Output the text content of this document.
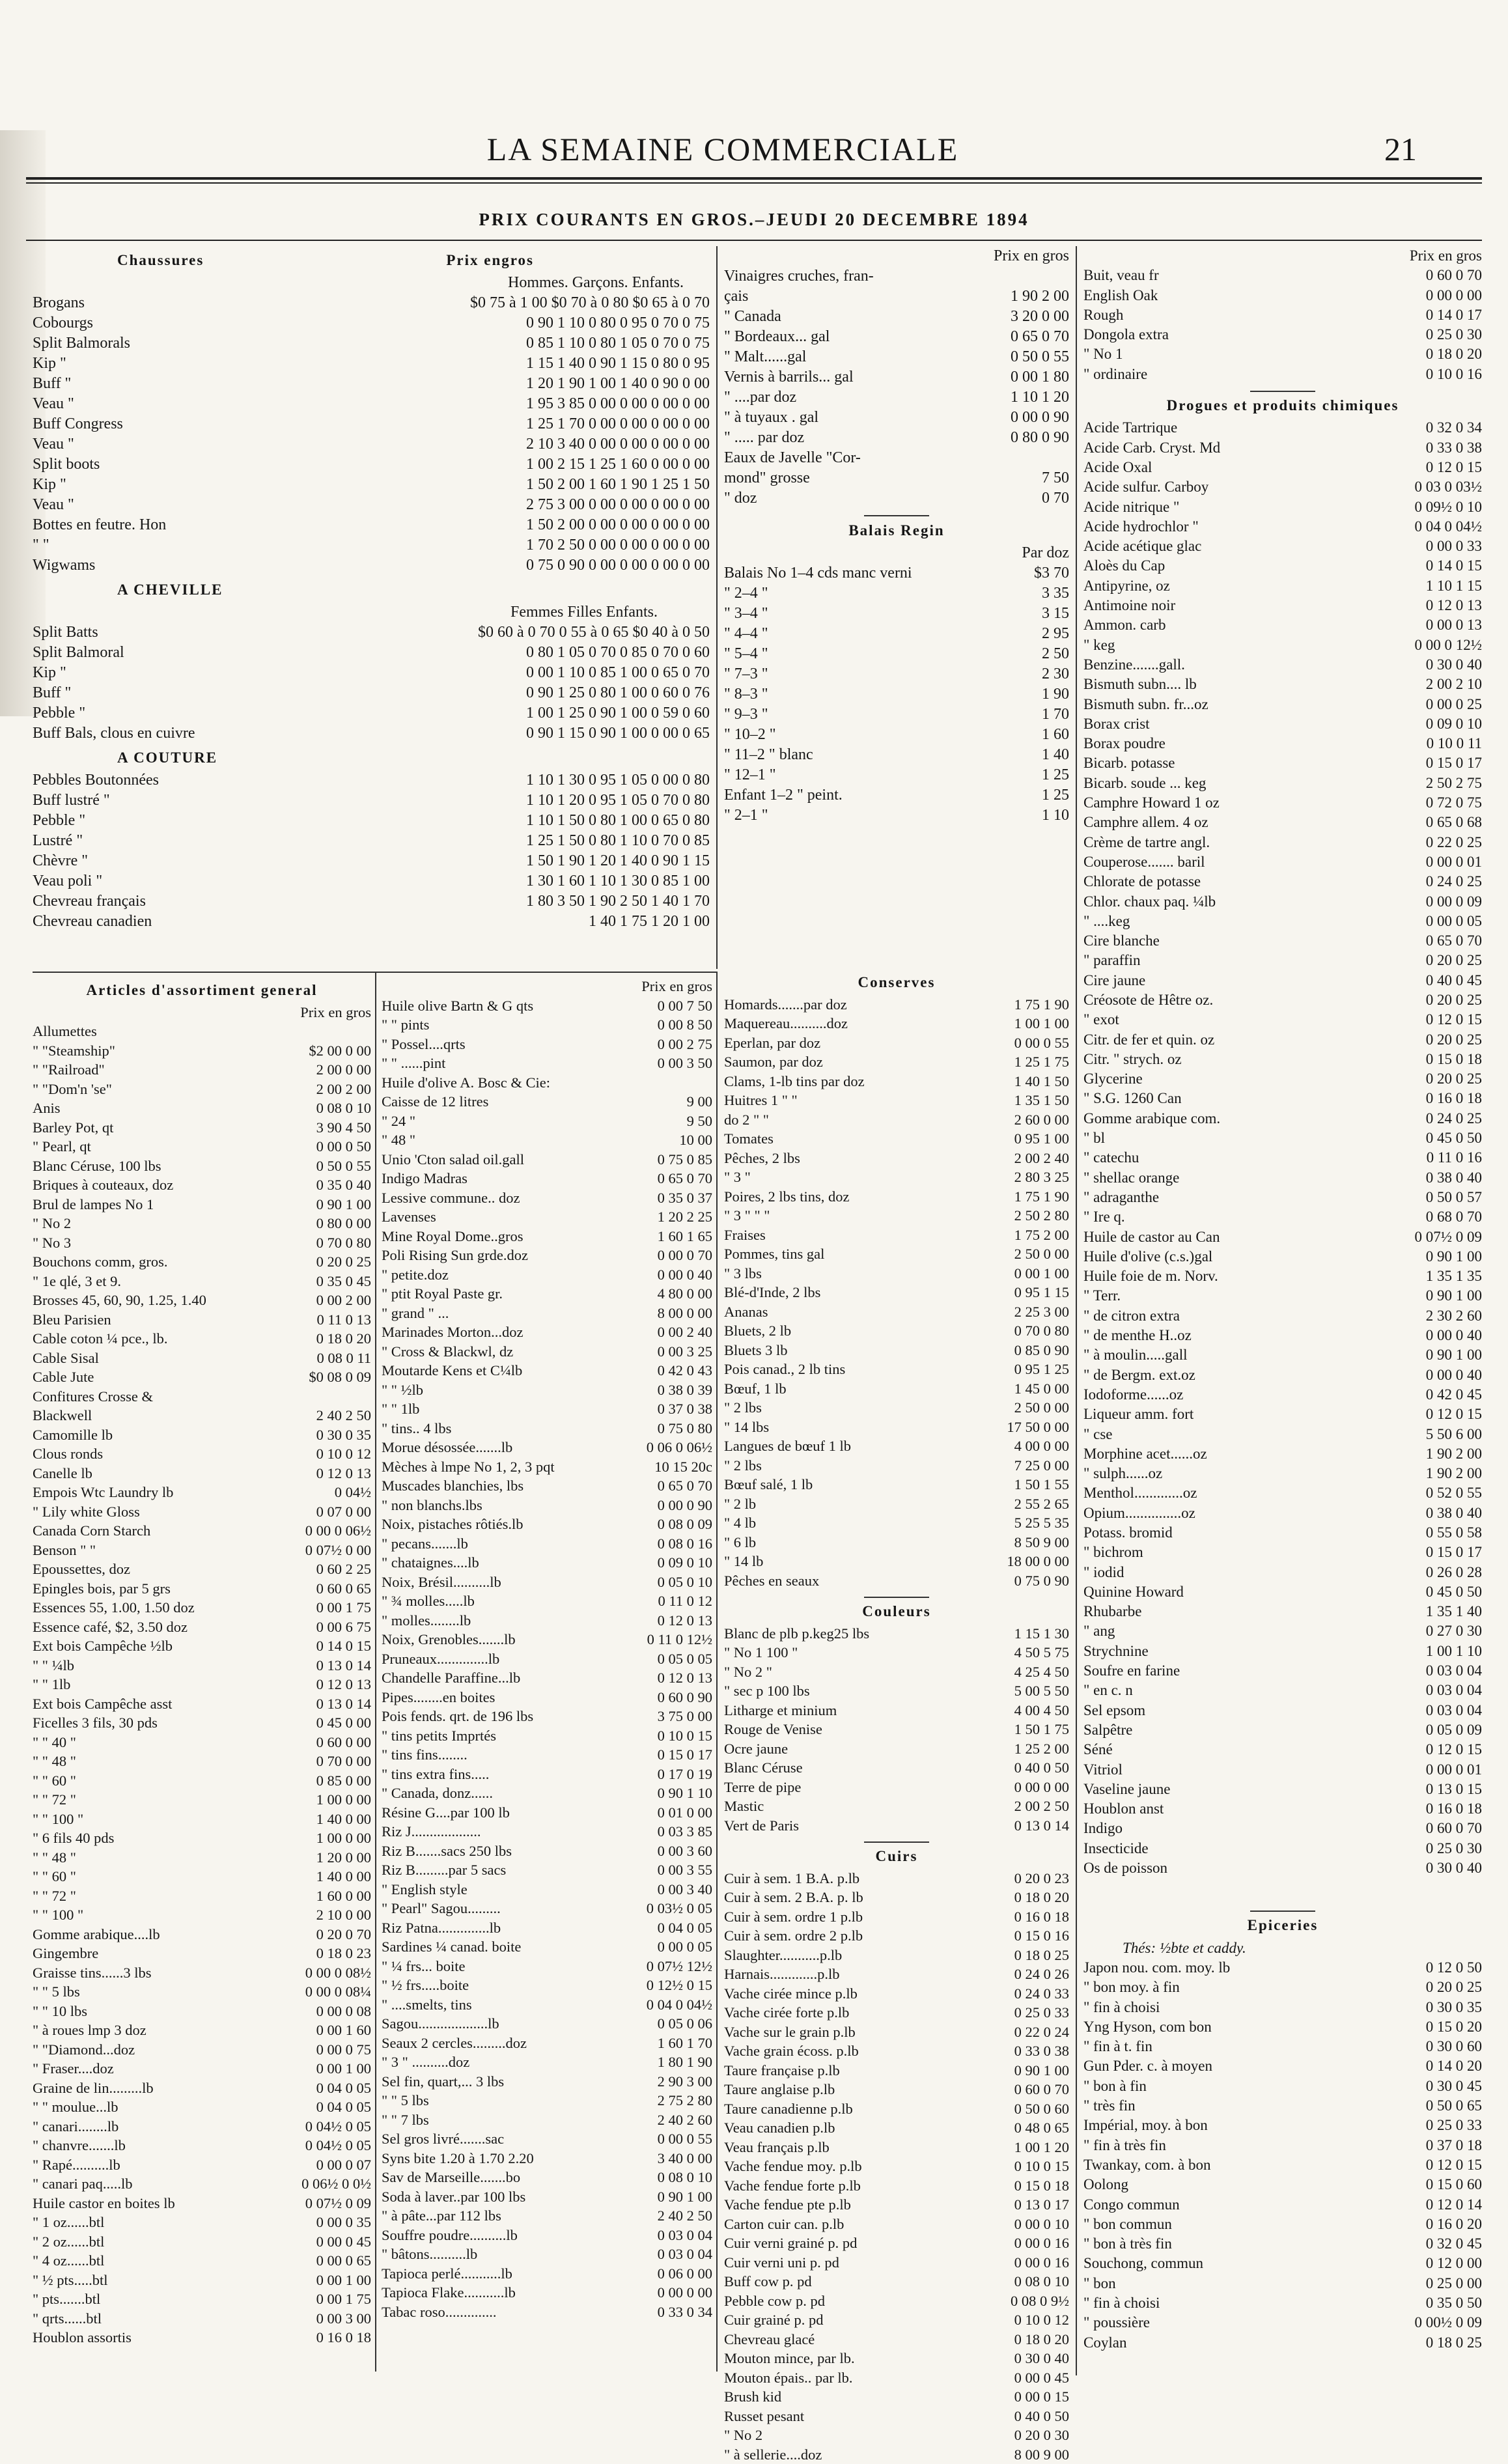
LA SEMAINE COMMERCIALE	21
PRIX COURANTS EN GROS.–JEUDI 20 DECEMBRE 1894
Chaussures	Prix engros
Hommes. Garçons. Enfants.
Brogans	$0 75 à 1 00 $0 70 à 0 80 $0 65 à 0 70
Cobourgs	0 90 1 10 0 80 0 95 0 70 0 75
Split Balmorals	0 85 1 10 0 80 1 05 0 70 0 75
Kip "	1 15 1 40 0 90 1 15 0 80 0 95
Buff "	1 20 1 90 1 00 1 40 0 90 0 00
Veau "	1 95 3 85 0 00 0 00 0 00 0 00
Buff Congress	1 25 1 70 0 00 0 00 0 00 0 00
Veau "	2 10 3 40 0 00 0 00 0 00 0 00
Split boots	1 00 2 15 1 25 1 60 0 00 0 00
Kip "	1 50 2 00 1 60 1 90 1 25 1 50
Veau "	2 75 3 00 0 00 0 00 0 00 0 00
Bottes en feutre. Hon	1 50 2 00 0 00 0 00 0 00 0 00
" "	1 70 2 50 0 00 0 00 0 00 0 00
Wigwams	0 75 0 90 0 00 0 00 0 00 0 00
A CHEVILLE
Femmes Filles Enfants.
Split Batts	$0 60 à 0 70 0 55 à 0 65 $0 40 à 0 50
Split Balmoral	0 80 1 05 0 70 0 85 0 70 0 60
Kip "	0 00 1 10 0 85 1 00 0 65 0 70
Buff "	0 90 1 25 0 80 1 00 0 60 0 76
Pebble "	1 00 1 25 0 90 1 00 0 59 0 60
Buff Bals, clous en cuivre	0 90 1 15 0 90 1 00 0 00 0 65
A COUTURE
Pebbles Boutonnées	1 10 1 30 0 95 1 05 0 00 0 80
Buff lustré "	1 10 1 20 0 95 1 05 0 70 0 80
Pebble "	1 10 1 50 0 80 1 00 0 65 0 80
Lustré "	1 25 1 50 0 80 1 10 0 70 0 85
Chèvre "	1 50 1 90 1 20 1 40 0 90 1 15
Veau poli "	1 30 1 60 1 10 1 30 0 85 1 00
Chevreau français	1 80 3 50 1 90 2 50 1 40 1 70
Chevreau canadien	1 40 1 75 1 20 1 00
Prix en gros
Vinaigres cruches, fran-
çais	1 90 2 00
" Canada	3 20 0 00
" Bordeaux... gal	0 65 0 70
" Malt......gal	0 50 0 55
Vernis à barrils... gal	0 00 1 80
" ....par doz	1 10 1 20
" à tuyaux . gal	0 00 0 90
" ..... par doz	0 80 0 90
Eaux de Javelle "Cor-
mond" grosse	7 50
" doz	0 70
Balais Regin
Par doz
Balais No 1–4 cds manc verni	$3 70
" 2–4 "	3 35
" 3–4 "	3 15
" 4–4 "	2 95
" 5–4 "	2 50
" 7–3 "	2 30
" 8–3 "	1 90
" 9–3 "	1 70
" 10–2 "	1 60
" 11–2 " blanc	1 40
" 12–1 "	1 25
Enfant 1–2 " peint.	1 25
" 2–1 "	1 10
Prix en gros
Buit, veau fr	0 60 0 70
English Oak	0 00 0 00
Rough	0 14 0 17
Dongola extra	0 25 0 30
" No 1	0 18 0 20
" ordinaire	0 10 0 16
Drogues et produits chimiques
Acide Tartrique	0 32 0 34
Acide Carb. Cryst. Md	0 33 0 38
Acide Oxal	0 12 0 15
Acide sulfur. Carboy	0 03 0 03½
Acide nitrique "	0 09½ 0 10
Acide hydrochlor "	0 04 0 04½
Acide acétique glac	0 00 0 33
Aloès du Cap	0 14 0 15
Antipyrine, oz	1 10 1 15
Antimoine noir	0 12 0 13
Ammon. carb	0 00 0 13
" keg	0 00 0 12½
Benzine.......gall.	0 30 0 40
Bismuth subn.... lb	2 00 2 10
Bismuth subn. fr...oz	0 00 0 25
Borax crist	0 09 0 10
Borax poudre	0 10 0 11
Bicarb. potasse	0 15 0 17
Bicarb. soude ... keg	2 50 2 75
Camphre Howard 1 oz	0 72 0 75
Camphre allem. 4 oz	0 65 0 68
Crème de tartre angl.	0 22 0 25
Couperose....... baril	0 00 0 01
Chlorate de potasse	0 24 0 25
Chlor. chaux paq. ¼lb	0 00 0 09
" ....keg	0 00 0 05
Cire blanche	0 65 0 70
" paraffin	0 20 0 25
Cire jaune	0 40 0 45
Créosote de Hêtre oz.	0 20 0 25
" exot	0 12 0 15
Citr. de fer et quin. oz	0 20 0 25
Citr. " strych. oz	0 15 0 18
Glycerine	0 20 0 25
" S.G. 1260 Can	0 16 0 18
Gomme arabique com.	0 24 0 25
" bl	0 45 0 50
" catechu	0 11 0 16
" shellac orange	0 38 0 40
" adraganthe	0 50 0 57
" Ire q.	0 68 0 70
Huile de castor au Can	0 07½ 0 09
Huile d'olive (c.s.)gal	0 90 1 00
Huile foie de m. Norv.	1 35 1 35
" Terr.	0 90 1 00
" de citron extra	2 30 2 60
" de menthe H..oz	0 00 0 40
" à moulin.....gall	0 90 1 00
" de Bergm. ext.oz	0 00 0 40
Iodoforme......oz	0 42 0 45
Liqueur amm. fort	0 12 0 15
" cse	5 50 6 00
Morphine acet......oz	1 90 2 00
" sulph......oz	1 90 2 00
Menthol.............oz	0 52 0 55
Opium...............oz	0 38 0 40
Potass. bromid	0 55 0 58
" bichrom	0 15 0 17
" iodid	0 26 0 28
Quinine Howard	0 45 0 50
Rhubarbe	1 35 1 40
" ang	0 27 0 30
Strychnine	1 00 1 10
Soufre en farine	0 03 0 04
" en c. n	0 03 0 04
Sel epsom	0 03 0 04
Salpêtre	0 05 0 09
Séné	0 12 0 15
Vitriol	0 00 0 01
Vaseline jaune	0 13 0 15
Houblon anst	0 16 0 18
Indigo	0 60 0 70
Insecticide	0 25 0 30
Os de poisson	0 30 0 40
Epiceries
Thés: ½bte et caddy.
Japon nou. com. moy. lb	0 12 0 50
" bon moy. à fin	0 20 0 25
" fin à choisi	0 30 0 35
Yng Hyson, com bon	0 15 0 20
" fin à t. fin	0 30 0 60
Gun Pder. c. à moyen	0 14 0 20
" bon à fin	0 30 0 45
" très fin	0 50 0 65
Impérial, moy. à bon	0 25 0 33
" fin à très fin	0 37 0 18
Twankay, com. à bon	0 12 0 15
Oolong	0 15 0 60
Congo commun	0 12 0 14
" bon commun	0 16 0 20
" bon à très fin	0 32 0 45
Souchong, commun	0 12 0 00
" bon	0 25 0 00
" fin à choisi	0 35 0 50
" poussière	0 00½ 0 09
Coylan	0 18 0 25
Articles d'assortiment general
Prix en gros
Allumettes
" "Steamship"	$2 00 0 00
" "Railroad"	2 00 0 00
" "Dom'n 'se"	2 00 2 00
Anis	0 08 0 10
Barley Pot, qt	3 90 4 50
" Pearl, qt	0 00 0 50
Blanc Céruse, 100 lbs	0 50 0 55
Briques à couteaux, doz	0 35 0 40
Brul de lampes No 1	0 90 1 00
" No 2	0 80 0 00
" No 3	0 70 0 80
Bouchons comm, gros.	0 20 0 25
" 1e qlé, 3 et 9.	0 35 0 45
Brosses 45, 60, 90, 1.25, 1.40	0 00 2 00
Bleu Parisien	0 11 0 13
Cable coton ¼ pce., lb.	0 18 0 20
Cable Sisal	0 08 0 11
Cable Jute	$0 08 0 09
Confitures Crosse &
Blackwell	2 40 2 50
Camomille lb	0 30 0 35
Clous ronds	0 10 0 12
Canelle lb	0 12 0 13
Empois Wtc Laundry lb	0 04½
" Lily white Gloss	0 07 0 00
Canada Corn Starch	0 00 0 06½
Benson " "	0 07½ 0 00
Epoussettes, doz	0 60 2 25
Epingles bois, par 5 grs	0 60 0 65
Essences 55, 1.00, 1.50 doz	0 00 1 75
Essence café, $2, 3.50 doz	0 00 6 75
Ext bois Campêche ½lb	0 14 0 15
" " ¼lb	0 13 0 14
" " 1lb	0 12 0 13
Ext bois Campêche asst	0 13 0 14
Ficelles 3 fils, 30 pds	0 45 0 00
" " 40 "	0 60 0 00
" " 48 "	0 70 0 00
" " 60 "	0 85 0 00
" " 72 "	1 00 0 00
" " 100 "	1 40 0 00
" 6 fils 40 pds	1 00 0 00
" " 48 "	1 20 0 00
" " 60 "	1 40 0 00
" " 72 "	1 60 0 00
" " 100 "	2 10 0 00
Gomme arabique....lb	0 20 0 70
Gingembre	0 18 0 23
Graisse tins......3 lbs	0 00 0 08½
" " 5 lbs	0 00 0 08¼
" " 10 lbs	0 00 0 08
" à roues lmp 3 doz	0 00 1 60
" "Diamond...doz	0 00 0 75
" Fraser....doz	0 00 1 00
Graine de lin.........lb	0 04 0 05
" " moulue...lb	0 04 0 05
" canari........lb	0 04½ 0 05
" chanvre.......lb	0 04½ 0 05
" Rapé..........lb	0 00 0 07
" canari paq.....lb	0 06½ 0 0½
Huile castor en boites lb	0 07½ 0 09
" 1 oz......btl	0 00 0 35
" 2 oz......btl	0 00 0 45
" 4 oz......btl	0 00 0 65
" ½ pts.....btl	0 00 1 00
" pts.......btl	0 00 1 75
" qrts......btl	0 00 3 00
Houblon assortis	0 16 0 18
Prix en gros
Huile olive Bartn & G qts	0 00 7 50
" " pints	0 00 8 50
" Possel....qrts	0 00 2 75
" " ......pint	0 00 3 50
Huile d'olive A. Bosc & Cie:
Caisse de 12 litres	9 00
" 24 "	9 50
" 48 "	10 00
Unio 'Cton salad oil.gall	0 75 0 85
Indigo Madras	0 65 0 70
Lessive commune.. doz	0 35 0 37
Lavenses	1 20 2 25
Mine Royal Dome..gros	1 60 1 65
Poli Rising Sun grde.doz	0 00 0 70
" petite.doz	0 00 0 40
" ptit Royal Paste gr.	4 80 0 00
" grand " ...	8 00 0 00
Marinades Morton...doz	0 00 2 40
" Cross & Blackwl, dz	0 00 3 25
Moutarde Kens et C¼lb	0 42 0 43
" " ½lb	0 38 0 39
" " 1lb	0 37 0 38
" tins.. 4 lbs	0 75 0 80
Morue désossée.......lb	0 06 0 06½
Mèches à lmpe No 1, 2, 3 pqt	10 15 20c
Muscades blanchies, lbs	0 65 0 70
" non blanchs.lbs	0 00 0 90
Noix, pistaches rôtiés.lb	0 08 0 09
" pecans.......lb	0 08 0 16
" chataignes....lb	0 09 0 10
Noix, Brésil..........lb	0 05 0 10
" ¾ molles.....lb	0 11 0 12
" molles........lb	0 12 0 13
Noix, Grenobles.......lb	0 11 0 12½
Pruneaux..............lb	0 05 0 05
Chandelle Paraffine...lb	0 12 0 13
Pipes........en boites	0 60 0 90
Pois fends. qrt. de 196 lbs	3 75 0 00
" tins petits Imprtés	0 10 0 15
" tins fins........	0 15 0 17
" tins extra fins.....	0 17 0 19
" Canada, donz......	0 90 1 10
Résine G....par 100 lb	0 01 0 00
Riz J...................	0 03 3 85
Riz B.......sacs 250 lbs	0 00 3 60
Riz B.........par 5 sacs	0 00 3 55
" English style	0 00 3 40
" Pearl" Sagou.........	0 03½ 0 05
Riz Patna..............lb	0 04 0 05
Sardines ¼ canad. boite	0 00 0 05
" ¼ frs... boite	0 07½ 12½
" ½ frs.....boite	0 12½ 0 15
" ....smelts, tins	0 04 0 04½
Sagou...................lb	0 05 0 06
Seaux 2 cercles.........doz	1 60 1 70
" 3 " ..........doz	1 80 1 90
Sel fin, quart,... 3 lbs	2 90 3 00
" " 5 lbs	2 75 2 80
" " 7 lbs	2 40 2 60
Sel gros livré.......sac	0 00 0 55
Syns bite 1.20 à 1.70 2.20	3 40 0 00
Sav de Marseille.......bo	0 08 0 10
Soda à laver..par 100 lbs	0 90 1 00
" à pâte...par 112 lbs	2 40 2 50
Souffre poudre..........lb	0 03 0 04
" bâtons..........lb	0 03 0 04
Tapioca perlé...........lb	0 06 0 00
Tapioca Flake...........lb	0 00 0 00
Tabac roso..............	0 33 0 34
Conserves
Homards.......par doz	1 75 1 90
Maquereau..........doz	1 00 1 00
Eperlan, par doz	0 00 0 55
Saumon, par doz	1 25 1 75
Clams, 1-lb tins par doz	1 40 1 50
Huitres 1 " "	1 35 1 50
do 2 " "	2 60 0 00
Tomates	0 95 1 00
Pêches, 2 lbs	2 00 2 40
" 3 "	2 80 3 25
Poires, 2 lbs tins, doz	1 75 1 90
" 3 " " "	2 50 2 80
Fraises	1 75 2 00
Pommes, tins gal	2 50 0 00
" 3 lbs	0 00 1 00
Blé-d'Inde, 2 lbs	0 95 1 15
Ananas	2 25 3 00
Bluets, 2 lb	0 70 0 80
Bluets 3 lb	0 85 0 90
Pois canad., 2 lb tins	0 95 1 25
Bœuf, 1 lb	1 45 0 00
" 2 lbs	2 50 0 00
" 14 lbs	17 50 0 00
Langues de bœuf 1 lb	4 00 0 00
" 2 lbs	7 25 0 00
Bœuf salé, 1 lb	1 50 1 55
" 2 lb	2 55 2 65
" 4 lb	5 25 5 35
" 6 lb	8 50 9 00
" 14 lb	18 00 0 00
Pêches en seaux	0 75 0 90
Couleurs
Blanc de plb p.keg25 lbs	1 15 1 30
" No 1 100 "	4 50 5 75
" No 2 "	4 25 4 50
" sec p 100 lbs	5 00 5 50
Litharge et minium	4 00 4 50
Rouge de Venise	1 50 1 75
Ocre jaune	1 25 2 00
Blanc Céruse	0 40 0 50
Terre de pipe	0 00 0 00
Mastic	2 00 2 50
Vert de Paris	0 13 0 14
Cuirs
Cuir à sem. 1 B.A. p.lb	0 20 0 23
Cuir à sem. 2 B.A. p. lb	0 18 0 20
Cuir à sem. ordre 1 p.lb	0 16 0 18
Cuir à sem. ordre 2 p.lb	0 15 0 16
Slaughter...........p.lb	0 18 0 25
Harnais.............p.lb	0 24 0 26
Vache cirée mince p.lb	0 24 0 33
Vache cirée forte p.lb	0 25 0 33
Vache sur le grain p.lb	0 22 0 24
Vache grain écoss. p.lb	0 33 0 38
Taure française p.lb	0 90 1 00
Taure anglaise p.lb	0 60 0 70
Taure canadienne p.lb	0 50 0 60
Veau canadien p.lb	0 48 0 65
Veau français p.lb	1 00 1 20
Vache fendue moy. p.lb	0 10 0 15
Vache fendue forte p.lb	0 15 0 18
Vache fendue pte p.lb	0 13 0 17
Carton cuir can. p.lb	0 00 0 10
Cuir verni grainé p. pd	0 00 0 16
Cuir verni uni p. pd	0 00 0 16
Buff cow p. pd	0 08 0 10
Pebble cow p. pd	0 08 0 9½
Cuir grainé p. pd	0 10 0 12
Chevreau glacé	0 18 0 20
Mouton mince, par lb.	0 30 0 40
Mouton épais.. par lb.	0 00 0 45
Brush kid	0 00 0 15
Russet pesant	0 40 0 50
" No 2	0 20 0 30
" à sellerie....doz	8 00 9 00
